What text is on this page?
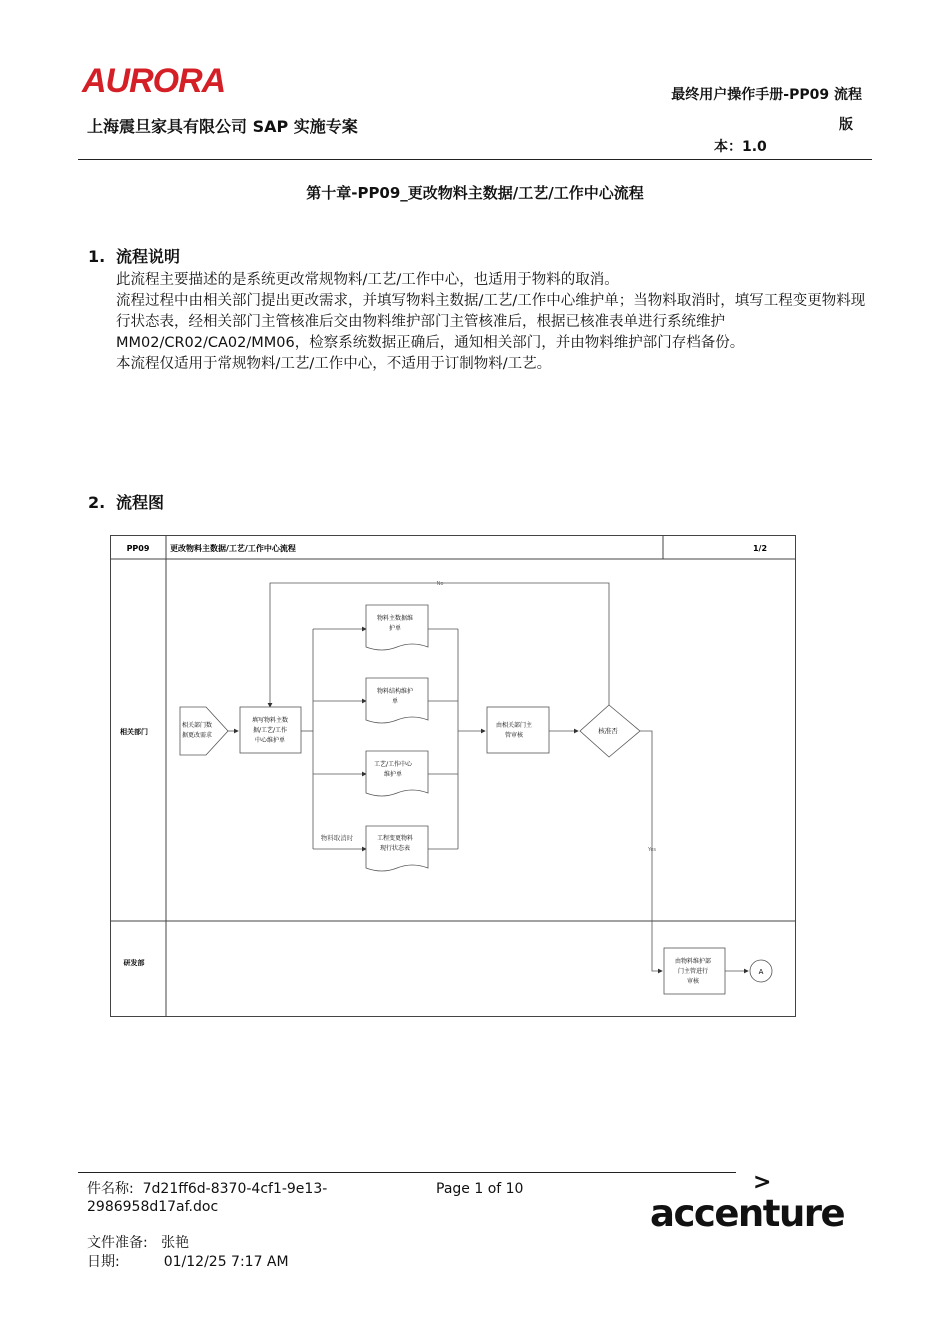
AURORA
上海震旦家具有限公司 SAP 实施专案
最终用户操作手册-PP09 流程
版
本：1.0
第十章-PP09_更改物料主数据/工艺/工作中心流程
1. 流程说明

此流程主要描述的是系统更改常规物料/工艺/工作中心，也适用于物料的取消。

流程过程中由相关部门提出更改需求，并填写物料主数据/工艺/工作中心维护单；当物料取消时，填写工程变更物料现行状态表，经相关部门主管核准后交由物料维护部门主管核准后，根据已核准表单进行系统维护MM02/CR02/CA02/MM06，检察系统数据正确后，通知相关部门，并由物料维护部门存档备份。

本流程仅适用于常规物料/工艺/工作中心，不适用于订制物料/工艺。

2. 流程图
PP09	更改物料主数据/工艺/工作中心流程	1/2
相关部门
研发部
No
Yes
物料取消时
相关部门数
据更改需求
填写物料主数
据/工艺/工作
中心维护单
物料主数据维
护单
物料结构维护
单
工艺/工作中心
维护单
工程变更物料
现行状态表
由相关部门主
管审核
核准否
由物料维护部
门主管进行
审核
A
件名称: 7d21ff6d-8370-4cf1-9e13-
2986958d17af.doc
Page 1 of 10
文件准备: 张艳
日期:	01/12/25 7:17 AM
>
accenture
